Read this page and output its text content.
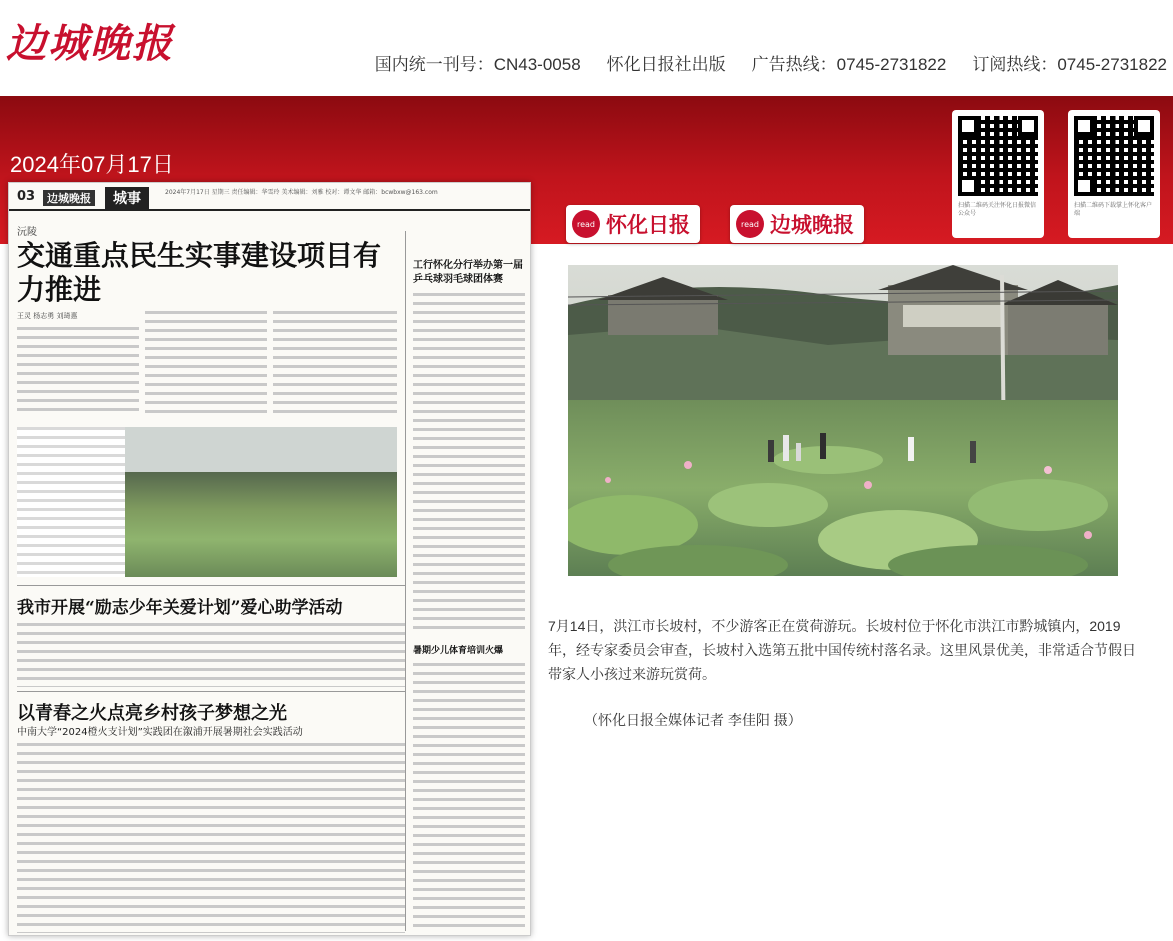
边城晚报	国内统一刊号：CN43-0058 怀化日报社出版 广告热线：0745-2731822 订阅热线：0745-2731822
2024年07月17日
扫描二维码关注怀化日报微信公众号
扫描二维码下载掌上怀化客户端
read 怀化日报	read 边城晚报
03	边城晚报	城事	2024年7月17日 星期三 责任编辑：华雪玲 美术编辑：刘雅 校对：谭文华 邮箱：bcwbxw@163.com
沅陵
交通重点民生实事建设项目有力推进
王灵 杨志勇 刘琦惠
工行怀化分行举办第一届乒乓球羽毛球团体赛
我市开展“励志少年关爱计划”爱心助学活动
以青春之火点亮乡村孩子梦想之光
中南大学“2024橙火支计划”实践团在溆浦开展暑期社会实践活动
暑期少儿体育培训火爆
7月14日，洪江市长坡村，不少游客正在赏荷游玩。长坡村位于怀化市洪江市黔城镇内，2019年，经专家委员会审查，长坡村入选第五批中国传统村落名录。这里风景优美，非常适合节假日带家人小孩过来游玩赏荷。
（怀化日报全媒体记者 李佳阳 摄）
